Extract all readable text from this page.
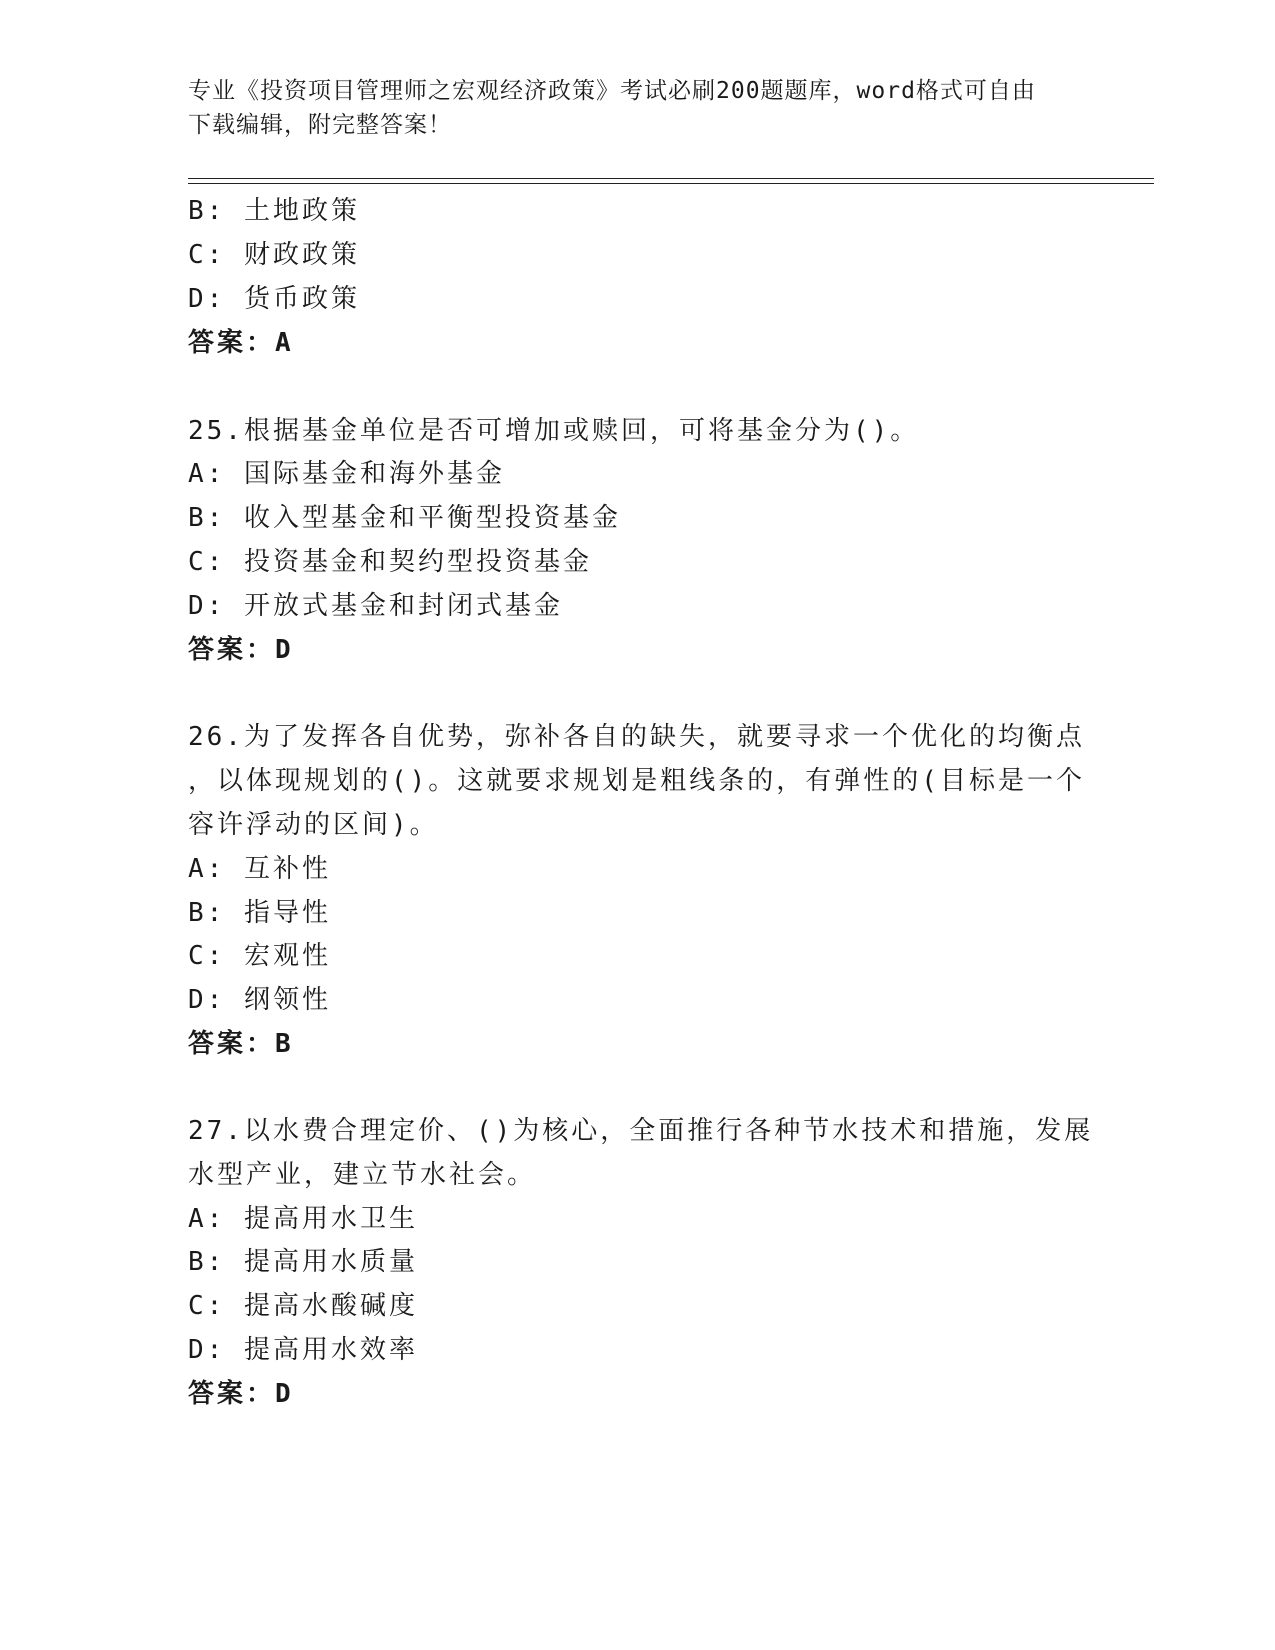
专业《投资项目管理师之宏观经济政策》考试必刷200题题库，word格式可自由
下载编辑，附完整答案！
B: 土地政策
C: 财政政策
D: 货币政策
答案：A
25.根据基金单位是否可增加或赎回，可将基金分为()。
A: 国际基金和海外基金
B: 收入型基金和平衡型投资基金
C: 投资基金和契约型投资基金
D: 开放式基金和封闭式基金
答案：D
26.为了发挥各自优势，弥补各自的缺失，就要寻求一个优化的均衡点
，以体现规划的()。这就要求规划是粗线条的，有弹性的(目标是一个
容许浮动的区间)。
A: 互补性
B: 指导性
C: 宏观性
D: 纲领性
答案：B
27.以水费合理定价、()为核心，全面推行各种节水技术和措施，发展
水型产业，建立节水社会。
A: 提高用水卫生
B: 提高用水质量
C: 提高水酸碱度
D: 提高用水效率
答案：D
